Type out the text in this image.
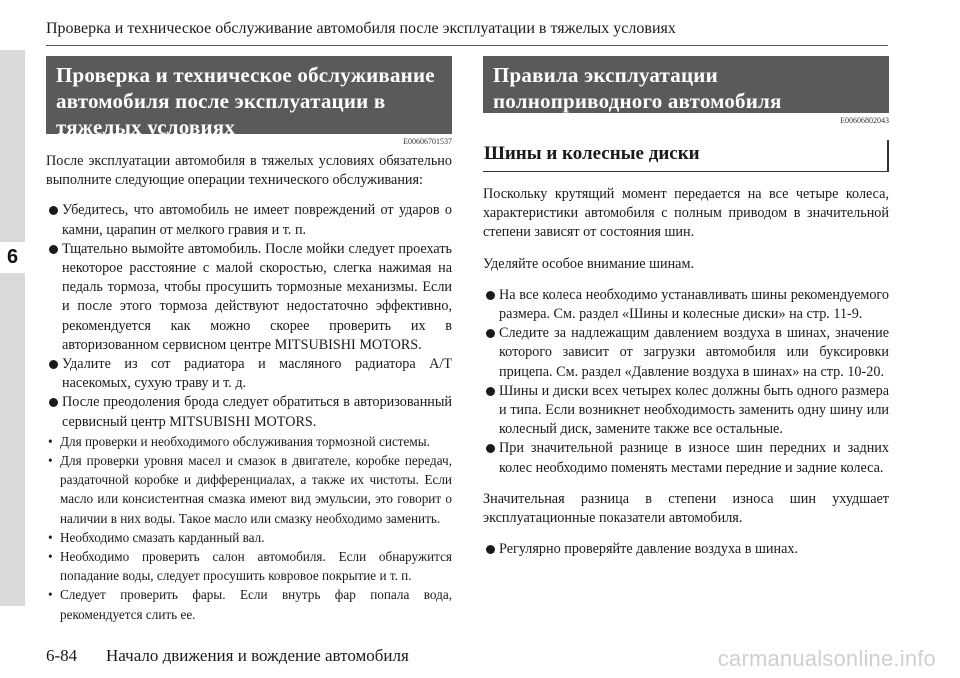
Проверка и техническое обслуживание автомобиля после эксплуатации в тяжелых условиях
6
Проверка и техническое обслуживание автомобиля после эксплуатации в тяжелых условиях
E00606701537

После эксплуатации автомобиля в тяжелых условиях обязательно выполните следующие операции технического обслуживания:

Убедитесь, что автомобиль не имеет повреждений от ударов о камни, царапин от мелкого гравия и т. п.
Тщательно вымойте автомобиль. После мойки следует проехать некоторое расстояние с малой скоростью, слегка нажимая на педаль тормоза, чтобы просушить тормозные механизмы. Если и после этого тормоза действуют недостаточно эффективно, рекомендуется как можно скорее проверить их в авторизованном сервисном центре MITSUBISHI MOTORS.
Удалите из сот радиатора и масляного радиатора A/T насекомых, сухую траву и т. д.
После преодоления брода следует обратиться в авторизованный сервисный центр MITSUBISHI MOTORS.
• Для проверки и необходимого обслуживания тормозной системы.
• Для проверки уровня масел и смазок в двигателе, коробке передач, раздаточной коробке и дифференциалах, а также их чистоты. Если масло или консистентная смазка имеют вид эмульсии, это говорит о наличии в них воды. Такое масло или смазку необходимо заменить.
• Необходимо смазать карданный вал.
• Необходимо проверить салон автомобиля. Если обнаружится попадание воды, следует просушить ковровое покрытие и т. п.
• Следует проверить фары. Если внутрь фар попала вода, рекомендуется слить ее.
Правила эксплуатации полноприводного автомобиля
E00606802043
Шины и колесные диски

Поскольку крутящий момент передается на все четыре колеса, характеристики автомобиля с полным приводом в значительной степени зависят от состояния шин.

Уделяйте особое внимание шинам.

На все колеса необходимо устанавливать шины рекомендуемого размера. См. раздел «Шины и колесные диски» на стр. 11-9.
Следите за надлежащим давлением воздуха в шинах, значение которого зависит от загрузки автомобиля или буксировки прицепа. См. раздел «Давление воздуха в шинах» на стр. 10-20.
Шины и диски всех четырех колес должны быть одного размера и типа. Если возникнет необходимость заменить одну шину или колесный диск, замените также все остальные.
При значительной разнице в износе шин передних и задних колес необходимо поменять местами передние и задние колеса.

Значительная разница в степени износа шин ухудшает эксплуатационные показатели автомобиля.

Регулярно проверяйте давление воздуха в шинах.
6-84 Начало движения и вождение автомобиля	carmanualsonline.info
